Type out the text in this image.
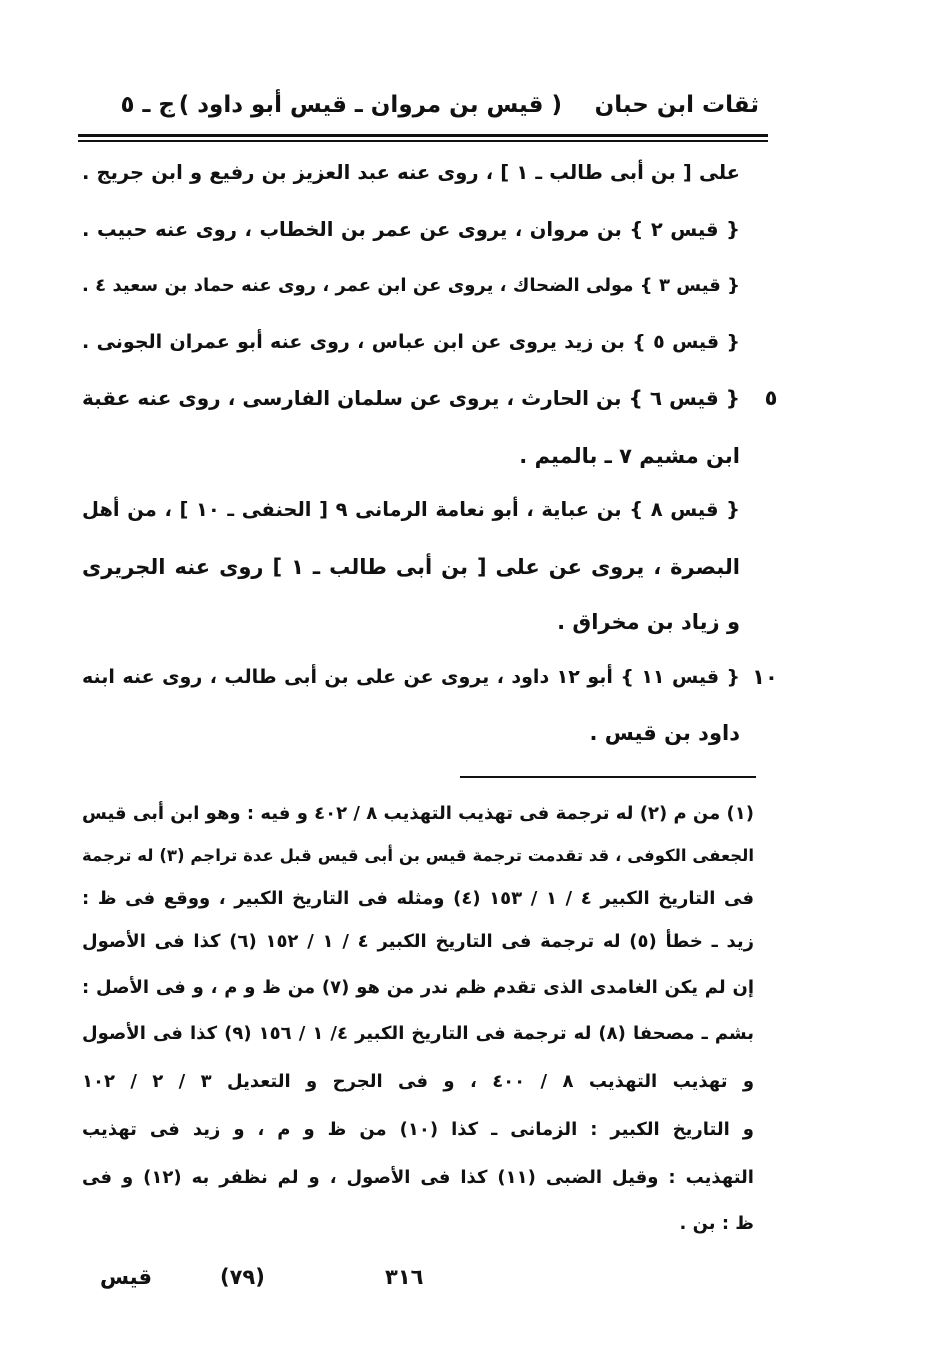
ثقات ابن حبان
( قيس بن مروان ـ قيس أبو داود )
ج ـ ٥
على [ بن أبى طالب ـ ١ ] ، روى عنه عبد العزيز بن رفيع و ابن جريج .
{ قيس ٢ } بن مروان ، يروى عن عمر بن الخطاب ، روى عنه حبيب .
{ قيس ٣ } مولى الضحاك ، يروى عن ابن عمر ، روى عنه حماد بن سعيد ٤ .
{ قيس ٥ } بن زيد يروى عن ابن عباس ، روى عنه أبو عمران الجونى .
{ قيس ٦ } بن الحارث ، يروى عن سلمان الفارسى ، روى عنه عقبة
ابن مشيم ٧ ـ بالميم .
{ قيس ٨ } بن عباية ، أبو نعامة الرمانى ٩ [ الحنفى ـ ١٠ ] ، من أهل
البصرة ، يروى عن على [ بن أبى طالب ـ ١ ] روى عنه الجريرى
و زياد بن مخراق .
{ قيس ١١ } أبو ١٢ داود ، يروى عن على بن أبى طالب ، روى عنه ابنه
داود بن قيس .
٥
١٠
(١) من م (٢) له ترجمة فى تهذيب التهذيب ٨ / ٤٠٢ و فيه : وهو ابن أبى قيس
الجعفى الكوفى ، قد تقدمت ترجمة قيس بن أبى قيس قبل عدة تراجم (٣) له ترجمة
فى التاريخ الكبير ٤ / ١ / ١٥٣ (٤) ومثله فى التاريخ الكبير ، ووقع فى ظ :
زيد ـ خطأ (٥) له ترجمة فى التاريخ الكبير ٤ / ١ / ١٥٢ (٦) كذا فى الأصول
إن لم يكن الغامدى الذى تقدم ظم ندر من هو (٧) من ظ و م ، و فى الأصل :
بشم ـ مصحفا (٨) له ترجمة فى التاريخ الكبير ٤/ ١ / ١٥٦ (٩) كذا فى الأصول
و تهذيب التهذيب ٨ / ٤٠٠ ، و فى الجرح و التعديل ٣ / ٢ / ١٠٢
و التاريخ الكبير : الزمانى ـ كذا (١٠) من ظ و م ، و زيد فى تهذيب
التهذيب : وقيل الضبى (١١) كذا فى الأصول ، و لم نظفر به (١٢) و فى
ظ : بن .
٣١٦
(٧٩)
قيس
